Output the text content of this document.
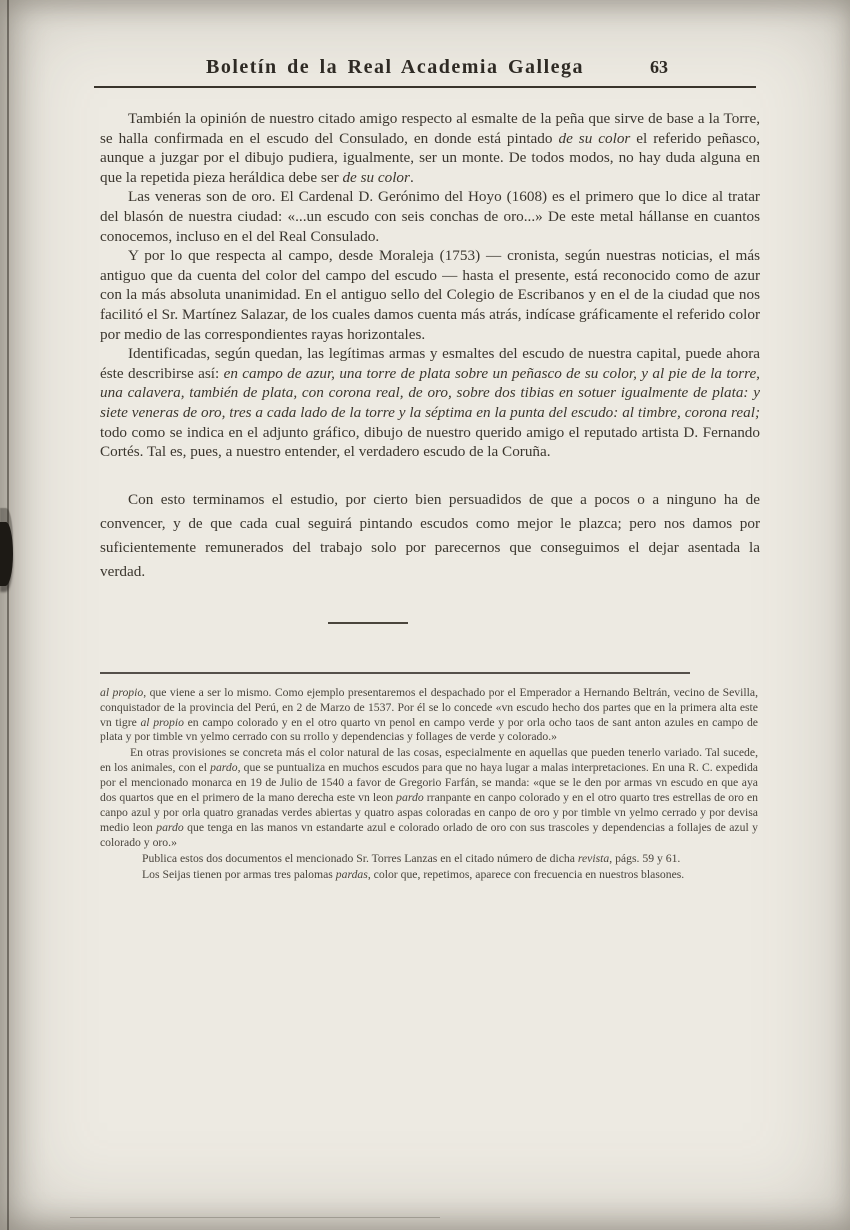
Boletín de la Real Academia Gallega	63

También la opinión de nuestro citado amigo respecto al esmalte de la peña que sirve de base a la Torre, se halla confirmada en el escudo del Consulado, en donde está pintado de su color el referido peñasco, aunque a juzgar por el dibujo pudiera, igualmente, ser un monte. De todos modos, no hay duda alguna en que la repetida pieza heráldica debe ser de su color.

Las veneras son de oro. El Cardenal D. Gerónimo del Hoyo (1608) es el primero que lo dice al tratar del blasón de nuestra ciudad: «...un escudo con seis conchas de oro...» De este metal hállanse en cuantos conocemos, incluso en el del Real Consulado.

Y por lo que respecta al campo, desde Moraleja (1753) — cronista, según nuestras noticias, el más antiguo que da cuenta del color del campo del escudo — hasta el presente, está reconocido como de azur con la más absoluta unanimidad. En el antiguo sello del Colegio de Escribanos y en el de la ciudad que nos facilitó el Sr. Martínez Salazar, de los cuales damos cuenta más atrás, indícase gráficamente el referido color por medio de las correspondientes rayas horizontales.

Identificadas, según quedan, las legítimas armas y esmaltes del escudo de nuestra capital, puede ahora éste describirse así: en campo de azur, una torre de plata sobre un peñasco de su color, y al pie de la torre, una calavera, también de plata, con corona real, de oro, sobre dos tibias en sotuer igualmente de plata: y siete veneras de oro, tres a cada lado de la torre y la séptima en la punta del escudo: al timbre, corona real; todo como se indica en el adjunto gráfico, dibujo de nuestro querido amigo el reputado artista D. Fernando Cortés. Tal es, pues, a nuestro entender, el verdadero escudo de la Coruña.

Con esto terminamos el estudio, por cierto bien persuadidos de que a pocos o a ninguno ha de convencer, y de que cada cual seguirá pintando escudos como mejor le plazca; pero nos damos por suficientemente remunerados del trabajo solo por parecernos que conseguimos el dejar asentada la verdad.

al propio, que viene a ser lo mismo. Como ejemplo presentaremos el despachado por el Emperador a Hernando Beltrán, vecino de Sevilla, conquistador de la provincia del Perú, en 2 de Marzo de 1537. Por él se lo concede «vn escudo hecho dos partes que en la primera alta este vn tigre al propio en campo colorado y en el otro quarto vn penol en campo verde y por orla ocho taos de sant anton azules en campo de plata y por timble vn yelmo cerrado con su rrollo y dependencias y follages de verde y colorado.»

En otras provisiones se concreta más el color natural de las cosas, especialmente en aquellas que pueden tenerlo variado. Tal sucede, en los animales, con el pardo, que se puntualiza en muchos escudos para que no haya lugar a malas interpretaciones. En una R. C. expedida por el mencionado monarca en 19 de Julio de 1540 a favor de Gregorio Farfán, se manda: «que se le den por armas vn escudo en que aya dos quartos que en el primero de la mano derecha este vn leon pardo rranpante en canpo colorado y en el otro quarto tres estrellas de oro en canpo azul y por orla quatro granadas verdes abiertas y quatro aspas coloradas en canpo de oro y por timble vn yelmo cerrado y por devisa medio leon pardo que tenga en las manos vn estandarte azul e colorado orlado de oro con sus trascoles y dependencias a follajes de azul y colorado y oro.»

Publica estos dos documentos el mencionado Sr. Torres Lanzas en el citado número de dicha revista, págs. 59 y 61.

Los Seijas tienen por armas tres palomas pardas, color que, repetimos, aparece con frecuencia en nuestros blasones.
